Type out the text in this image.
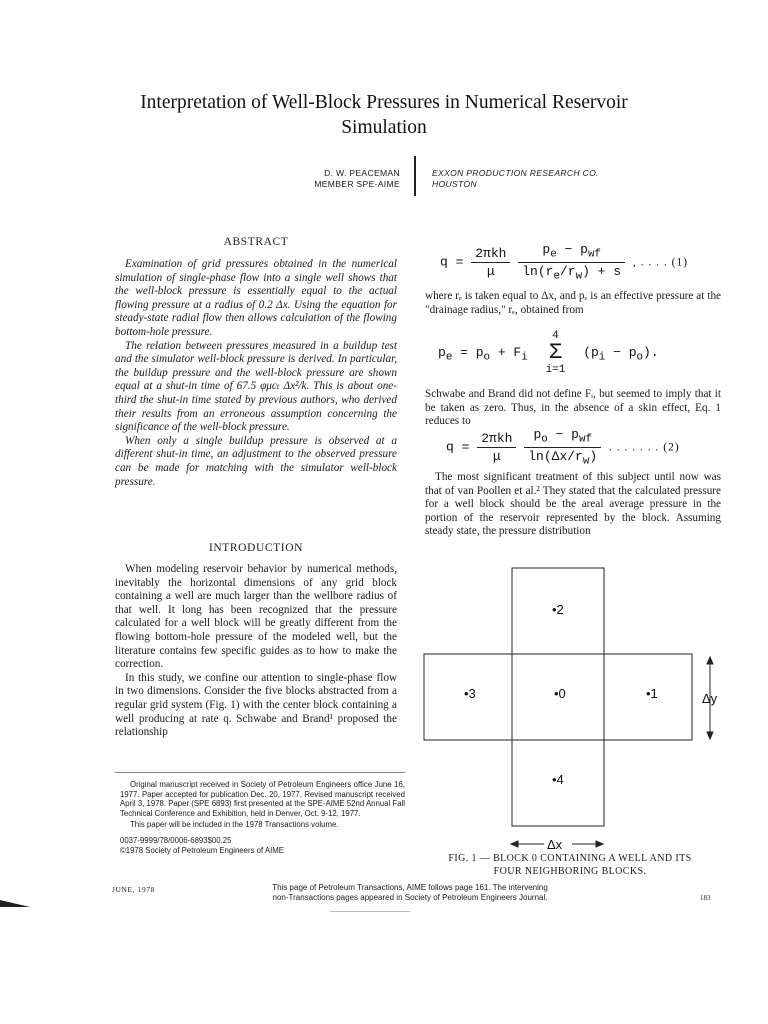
Interpretation of Well-Block Pressures in Numerical Reservoir Simulation
D. W. PEACEMAN
MEMBER SPE-AIME
EXXON PRODUCTION RESEARCH CO.
HOUSTON
ABSTRACT

Examination of grid pressures obtained in the numerical simulation of single-phase flow into a single well shows that the well-block pressure is essentially equal to the actual flowing pressure at a radius of 0.2 Δx. Using the equation for steady-state radial flow then allows calculation of the flowing bottom-hole pressure.

The relation between pressures measured in a buildup test and the simulator well-block pressure is derived. In particular, the buildup pressure and the well-block pressure are shown equal at a shut-in time of 67.5 φμcₜ Δx²/k. This is about one-third the shut-in time stated by previous authors, who derived their results from an erroneous assumption concerning the significance of the well-block pressure.

When only a single buildup pressure is observed at a different shut-in time, an adjustment to the observed pressure can be made for matching with the simulator well-block pressure.

INTRODUCTION

When modeling reservoir behavior by numerical methods, inevitably the horizontal dimensions of any grid block containing a well are much larger than the wellbore radius of that well. It long has been recognized that the pressure calculated for a well block will be greatly different from the flowing bottom-hole pressure of the modeled well, but the literature contains few specific guides as to how to make the correction.

In this study, we confine our attention to single-phase flow in two dimensions. Consider the five blocks abstracted from a regular grid system (Fig. 1) with the center block containing a well producing at rate q. Schwabe and Brand¹ proposed the relationship

Original manuscript received in Society of Petroleum Engineers office June 16, 1977. Paper accepted for publication Dec. 20, 1977. Revised manuscript received April 3, 1978. Paper (SPE 6893) first presented at the SPE-AIME 52nd Annual Fall Technical Conference and Exhibition, held in Denver, Oct. 9-12, 1977.
This paper will be included in the 1978 Transactions volume.
0037-9999/78/0006-6893$00.25
©1978 Society of Petroleum Engineers of AIME
$q = \frac{\text{2πkh}}{\mu}$
$\frac{p_e - p_{wf}}{\ln(r_e/r_w) + s}$ , . . . . (1)

where rₑ is taken equal to Δx, and pₑ is an effective pressure at the "drainage radius," rₑ, obtained from

$p_e = p_o + F_i$
4
Σ
i=1
$(p_i - p_o)$.

Schwabe and Brand did not define Fᵢ, but seemed to imply that it be taken as zero. Thus, in the absence of a skin effect, Eq. 1 reduces to

$q = \frac{\text{2πkh}}{\mu}$
$\frac{p_o - p_{wf}}{\ln(\Delta x/r_w)}$ . . . . . . . (2)

The most significant treatment of this subject until now was that of van Poollen et al.² They stated that the calculated pressure for a well block should be the areal average pressure in the portion of the reservoir represented by the block. Assuming steady state, the pressure distribution

•2
•3	•0	•1
•4
Δy
Δx
FIG. 1 — BLOCK 0 CONTAINING A WELL AND ITS
FOUR NEIGHBORING BLOCKS.
JUNE, 1978	This page of Petroleum Transactions, AIME follows page 161. The intervening
non-Transactions pages appeared in Society of Petroleum Engineers Journal.	183
